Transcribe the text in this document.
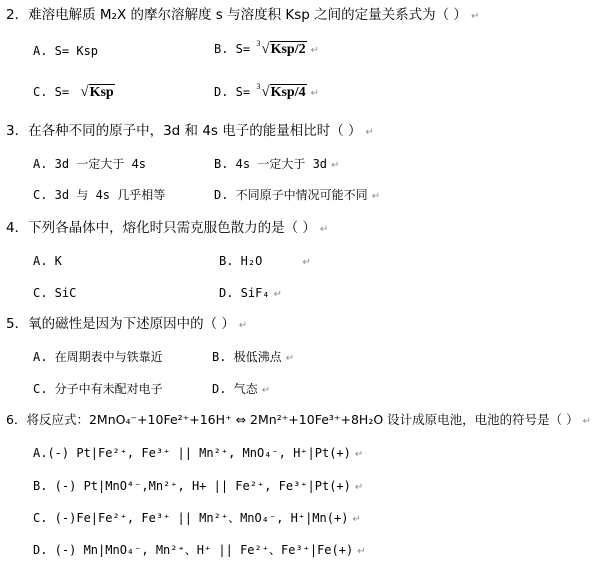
2．难溶电解质 M₂X 的摩尔溶解度 s 与溶度积 Ksp 之间的定量关系式为（ ） ↵
A. S= Ksp	B. S= 3 √Ksp/2 ↵
C. S= √Ksp	D. S= 3 √Ksp/4 ↵
3．在各种不同的原子中，3d 和 4s 电子的能量相比时（ ） ↵
A. 3d 一定大于 4s	B. 4s 一定大于 3d ↵
C. 3d 与 4s 几乎相等	D. 不同原子中情况可能不同 ↵
4．下列各晶体中，熔化时只需克服色散力的是（ ） ↵
A. K	B. H₂O	↵
C. SiC	D. SiF₄ ↵
5．氧的磁性是因为下述原因中的（ ） ↵
A. 在周期表中与铁靠近	B. 极低沸点 ↵
C. 分子中有未配对电子	D. 气态 ↵
6．将反应式：2MnO₄⁻+10Fe²⁺+16H⁺ ⇔ 2Mn²⁺+10Fe³⁺+8H₂O 设计成原电池，电池的符号是（ ） ↵
A.(-) Pt|Fe²⁺, Fe³⁺ || Mn²⁺, MnO₄⁻, H⁺|Pt(+) ↵
B. (-) Pt|MnO⁴⁻,Mn²⁺, H+ || Fe²⁺, Fe³⁺|Pt(+) ↵
C. (-)Fe|Fe²⁺, Fe³⁺ || Mn²⁺、MnO₄⁻, H⁺|Mn(+) ↵
D. (-) Mn|MnO₄⁻, Mn²⁺、H⁺ || Fe²⁺、Fe³⁺|Fe(+) ↵
